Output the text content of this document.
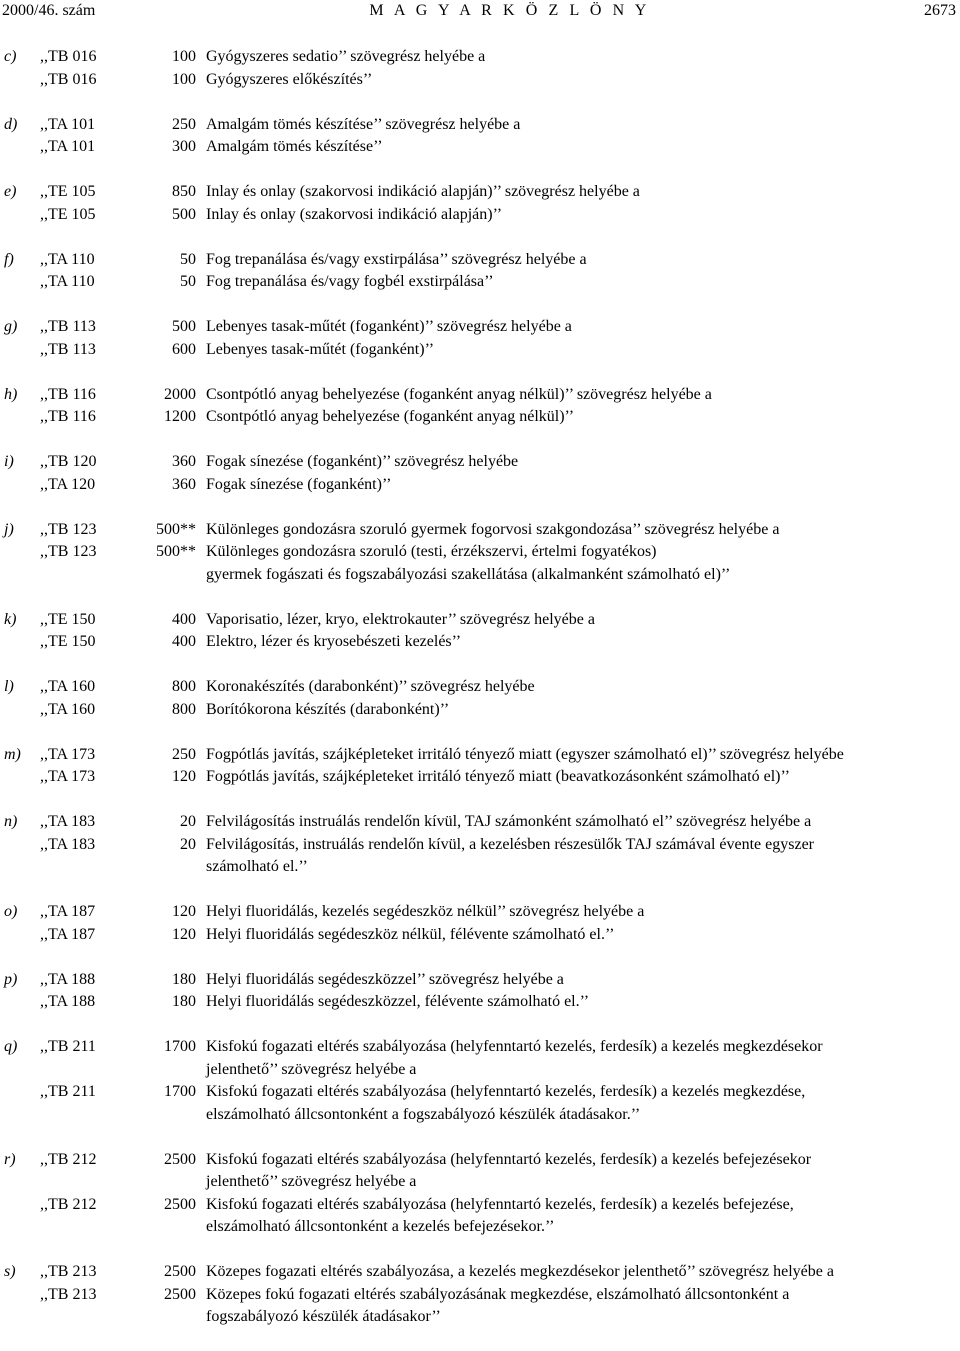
2000/46. szám	M A G Y A R K Ö Z L Ö N Y	2673
c)	,,TB 016	100 Gyógyszeres sedatio’’ szövegrész helyébe a
,,TB 016	100 Gyógyszeres előkészítés’’
d)	,,TA 101	250 Amalgám tömés készítése’’ szövegrész helyébe a
,,TA 101	300 Amalgám tömés készítése’’
e)	,,TE 105	850 Inlay és onlay (szakorvosi indikáció alapján)’’ szövegrész helyébe a
,,TE 105	500 Inlay és onlay (szakorvosi indikáció alapján)’’
f)	,,TA 110	50 Fog trepanálása és/vagy exstirpálása’’ szövegrész helyébe a
,,TA 110	50 Fog trepanálása és/vagy fogbél exstirpálása’’
g)	,,TB 113	500 Lebenyes tasak-műtét (foganként)’’ szövegrész helyébe a
,,TB 113	600 Lebenyes tasak-műtét (foganként)’’
h)	,,TB 116	2000 Csontpótló anyag behelyezése (foganként anyag nélkül)’’ szövegrész helyébe a
,,TB 116	1200 Csontpótló anyag behelyezése (foganként anyag nélkül)’’
i)	,,TB 120	360 Fogak sínezése (foganként)’’ szövegrész helyébe
,,TA 120	360 Fogak sínezése (foganként)’’
j)	,,TB 123	500** Különleges gondozásra szoruló gyermek fogorvosi szakgondozása’’ szövegrész helyébe a
,,TB 123	500** Különleges gondozásra szoruló (testi, érzékszervi, értelmi fogyatékos)
gyermek fogászati és fogszabályozási szakellátása (alkalmanként számolható el)’’
k)	,,TE 150	400 Vaporisatio, lézer, kryo, elektrokauter’’ szövegrész helyébe a
,,TE 150	400 Elektro, lézer és kryosebészeti kezelés’’
l)	,,TA 160	800 Koronakészítés (darabonként)’’ szövegrész helyébe
,,TA 160	800 Borítókorona készítés (darabonként)’’
m)	,,TA 173	250 Fogpótlás javítás, szájképleteket irritáló tényező miatt (egyszer számolható el)’’ szövegrész helyébe
,,TA 173	120 Fogpótlás javítás, szájképleteket irritáló tényező miatt (beavatkozásonként számolható el)’’
n)	,,TA 183	20 Felvilágosítás instruálás rendelőn kívül, TAJ számonként számolható el’’ szövegrész helyébe a
,,TA 183	20 Felvilágosítás, instruálás rendelőn kívül, a kezelésben részesülők TAJ számával évente egyszer
számolható el.’’
o)	,,TA 187	120 Helyi fluoridálás, kezelés segédeszköz nélkül’’ szövegrész helyébe a
,,TA 187	120 Helyi fluoridálás segédeszköz nélkül, félévente számolható el.’’
p)	,,TA 188	180 Helyi fluoridálás segédeszközzel’’ szövegrész helyébe a
,,TA 188	180 Helyi fluoridálás segédeszközzel, félévente számolható el.’’
q)	,,TB 211	1700 Kisfokú fogazati eltérés szabályozása (helyfenntartó kezelés, ferdesík) a kezelés megkezdésekor
jelenthető’’ szövegrész helyébe a
,,TB 211	1700 Kisfokú fogazati eltérés szabályozása (helyfenntartó kezelés, ferdesík) a kezelés megkezdése,
elszámolható állcsontonként a fogszabályozó készülék átadásakor.’’
r)	,,TB 212	2500 Kisfokú fogazati eltérés szabályozása (helyfenntartó kezelés, ferdesík) a kezelés befejezésekor
jelenthető’’ szövegrész helyébe a
,,TB 212	2500 Kisfokú fogazati eltérés szabályozása (helyfenntartó kezelés, ferdesík) a kezelés befejezése,
elszámolható állcsontonként a kezelés befejezésekor.’’
s)	,,TB 213	2500 Közepes fogazati eltérés szabályozása, a kezelés megkezdésekor jelenthető’’ szövegrész helyébe a
,,TB 213	2500 Közepes fokú fogazati eltérés szabályozásának megkezdése, elszámolható állcsontonként a
fogszabályozó készülék átadásakor’’
